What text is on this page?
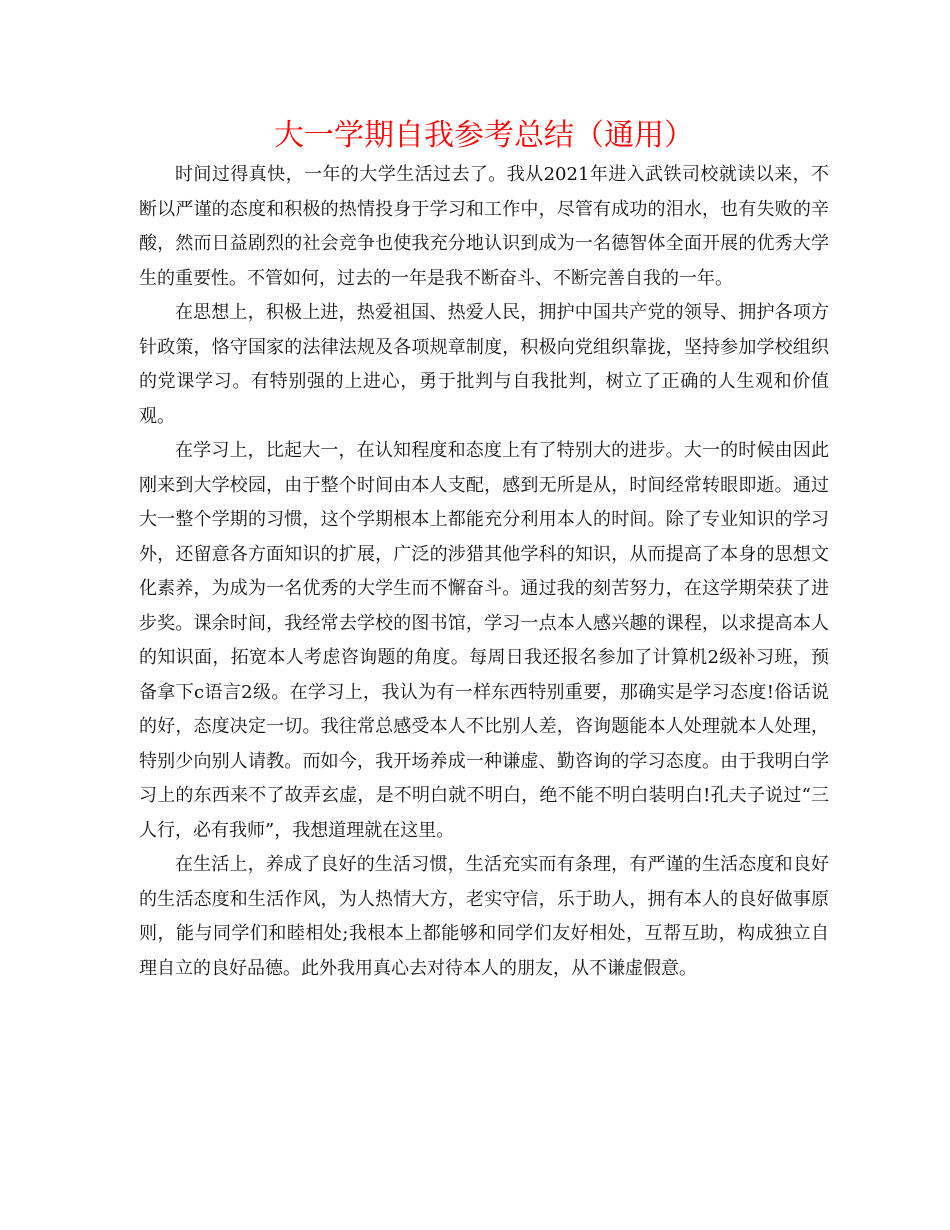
大一学期自我参考总结（通用）

时间过得真快，一年的大学生活过去了。我从2021年进入武铁司校就读以来，不断以严谨的态度和积极的热情投身于学习和工作中，尽管有成功的泪水，也有失败的辛酸，然而日益剧烈的社会竞争也使我充分地认识到成为一名德智体全面开展的优秀大学生的重要性。不管如何，过去的一年是我不断奋斗、不断完善自我的一年。

在思想上，积极上进，热爱祖国、热爱人民，拥护中国共产党的领导、拥护各项方针政策，恪守国家的法律法规及各项规章制度，积极向党组织靠拢，坚持参加学校组织的党课学习。有特别强的上进心，勇于批判与自我批判，树立了正确的人生观和价值观。

在学习上，比起大一，在认知程度和态度上有了特别大的进步。大一的时候由因此刚来到大学校园，由于整个时间由本人支配，感到无所是从，时间经常转眼即逝。通过大一整个学期的习惯，这个学期根本上都能充分利用本人的时间。除了专业知识的学习外，还留意各方面知识的扩展，广泛的涉猎其他学科的知识，从而提高了本身的思想文化素养，为成为一名优秀的大学生而不懈奋斗。通过我的刻苦努力，在这学期荣获了进步奖。课余时间，我经常去学校的图书馆，学习一点本人感兴趣的课程，以求提高本人的知识面，拓宽本人考虑咨询题的角度。每周日我还报名参加了计算机2级补习班，预备拿下c语言2级。在学习上，我认为有一样东西特别重要，那确实是学习态度!俗话说的好，态度决定一切。我往常总感受本人不比别人差，咨询题能本人处理就本人处理，特别少向别人请教。而如今，我开场养成一种谦虚、勤咨询的学习态度。由于我明白学习上的东西来不了故弄玄虚，是不明白就不明白，绝不能不明白装明白!孔夫子说过“三人行，必有我师”，我想道理就在这里。

在生活上，养成了良好的生活习惯，生活充实而有条理，有严谨的生活态度和良好的生活态度和生活作风，为人热情大方，老实守信，乐于助人，拥有本人的良好做事原则，能与同学们和睦相处;我根本上都能够和同学们友好相处，互帮互助，构成独立自理自立的良好品德。此外我用真心去对待本人的朋友，从不谦虚假意。
